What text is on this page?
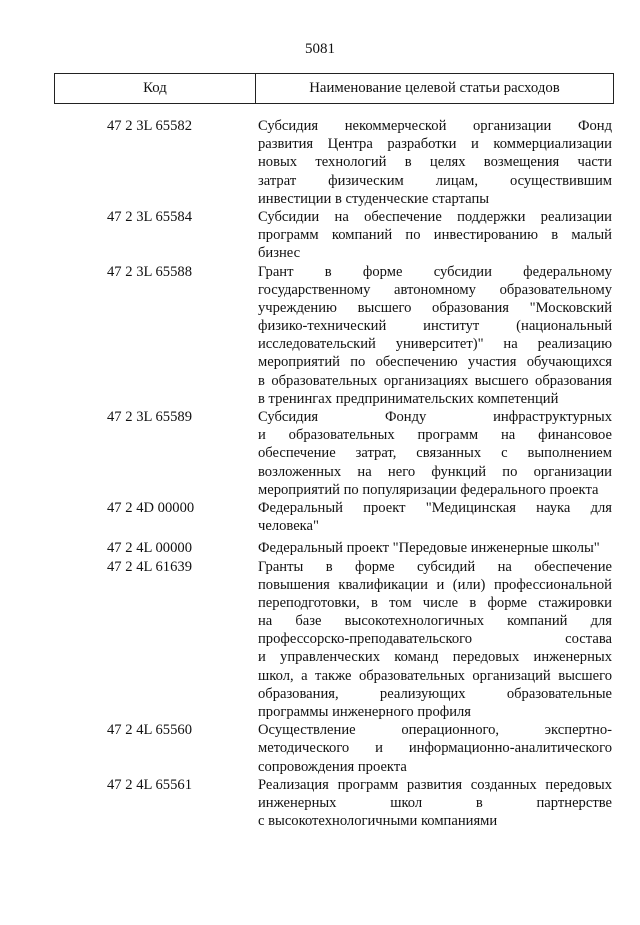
5081
Код	Наименование целевой статьи расходов
47 2 3L 65582	Субсидия некоммерческой организации Фонд
развития Центра разработки и коммерциализации
новых технологий в целях возмещения части
затрат физическим лицам, осуществившим
инвестиции в студенческие стартапы
47 2 3L 65584	Субсидии на обеспечение поддержки реализации
программ компаний по инвестированию в малый
бизнес
47 2 3L 65588	Грант в форме субсидии федеральному
государственному автономному образовательному
учреждению высшего образования "Московский
физико-технический институт (национальный
исследовательский университет)" на реализацию
мероприятий по обеспечению участия обучающихся
в образовательных организациях высшего образования
в тренингах предпринимательских компетенций
47 2 3L 65589	Субсидия Фонду инфраструктурных
и образовательных программ на финансовое
обеспечение затрат, связанных с выполнением
возложенных на него функций по организации
мероприятий по популяризации федерального проекта
47 2 4D 00000	Федеральный проект "Медицинская наука для
человека"
47 2 4L 00000	Федеральный проект "Передовые инженерные школы"
47 2 4L 61639	Гранты в форме субсидий на обеспечение
повышения квалификации и (или) профессиональной
переподготовки, в том числе в форме стажировки
на базе высокотехнологичных компаний для
профессорско-преподавательского состава
и управленческих команд передовых инженерных
школ, а также образовательных организаций высшего
образования, реализующих образовательные
программы инженерного профиля
47 2 4L 65560	Осуществление операционного, экспертно-
методического и информационно-аналитического
сопровождения проекта
47 2 4L 65561	Реализация программ развития созданных передовых
инженерных школ в партнерстве
с высокотехнологичными компаниями
